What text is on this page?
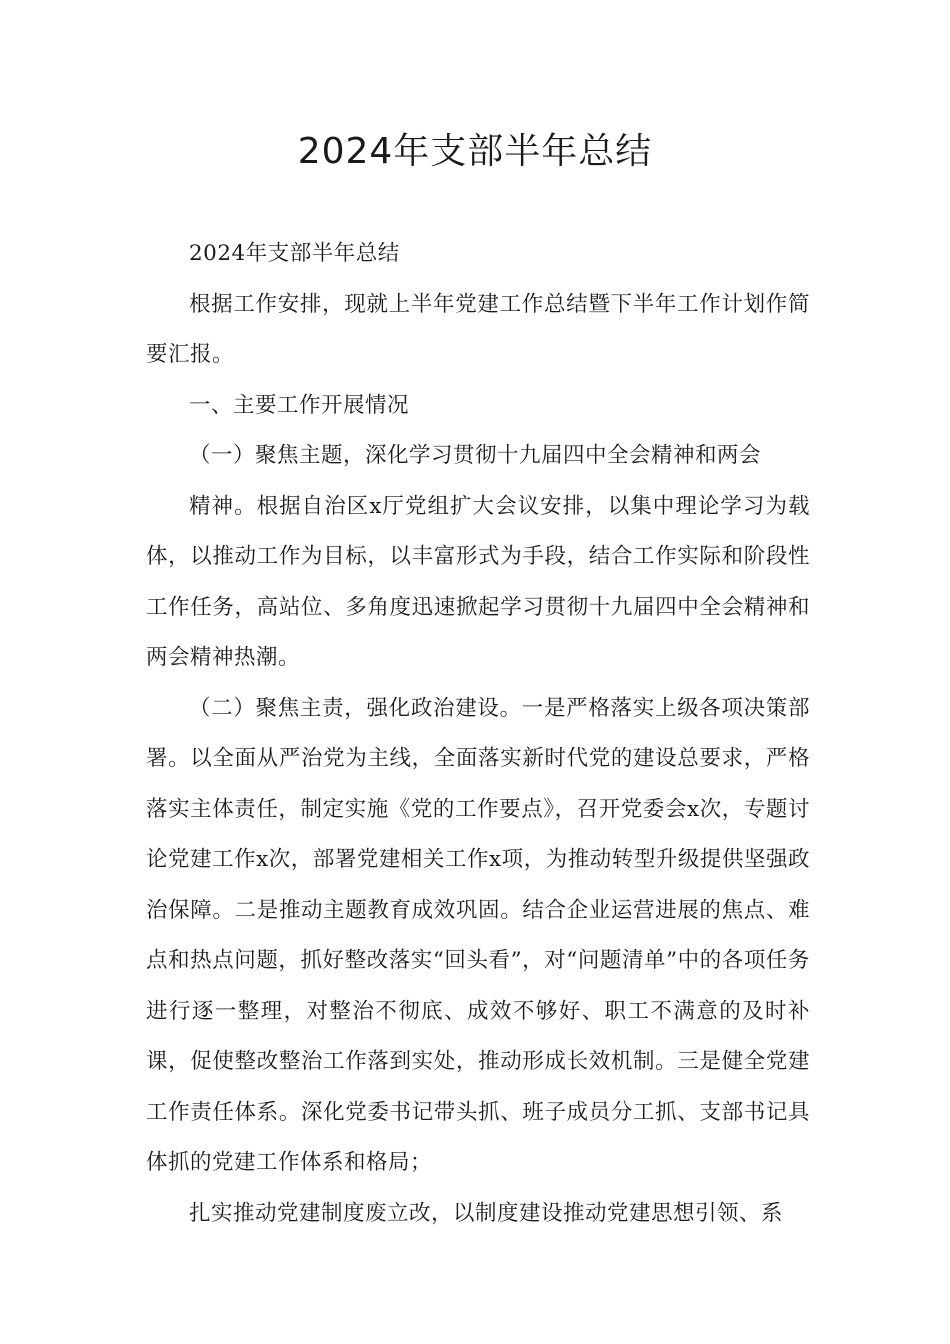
2024年支部半年总结

2024年支部半年总结

根据工作安排，现就上半年党建工作总结暨下半年工作计划作简要汇报。

一、主要工作开展情况

（一）聚焦主题，深化学习贯彻十九届四中全会精神和两会

精神。根据自治区x厅党组扩大会议安排，以集中理论学习为载体，以推动工作为目标，以丰富形式为手段，结合工作实际和阶段性工作任务，高站位、多角度迅速掀起学习贯彻十九届四中全会精神和两会精神热潮。

（二）聚焦主责，强化政治建设。一是严格落实上级各项决策部署。以全面从严治党为主线，全面落实新时代党的建设总要求，严格落实主体责任，制定实施《党的工作要点》，召开党委会x次，专题讨论党建工作x次，部署党建相关工作x项，为推动转型升级提供坚强政治保障。二是推动主题教育成效巩固。结合企业运营进展的焦点、难点和热点问题，抓好整改落实“回头看”，对“问题清单”中的各项任务进行逐一整理，对整治不彻底、成效不够好、职工不满意的及时补课，促使整改整治工作落到实处，推动形成长效机制。三是健全党建工作责任体系。深化党委书记带头抓、班子成员分工抓、支部书记具体抓的党建工作体系和格局；

扎实推动党建制度废立改，以制度建设推动党建思想引领、系
